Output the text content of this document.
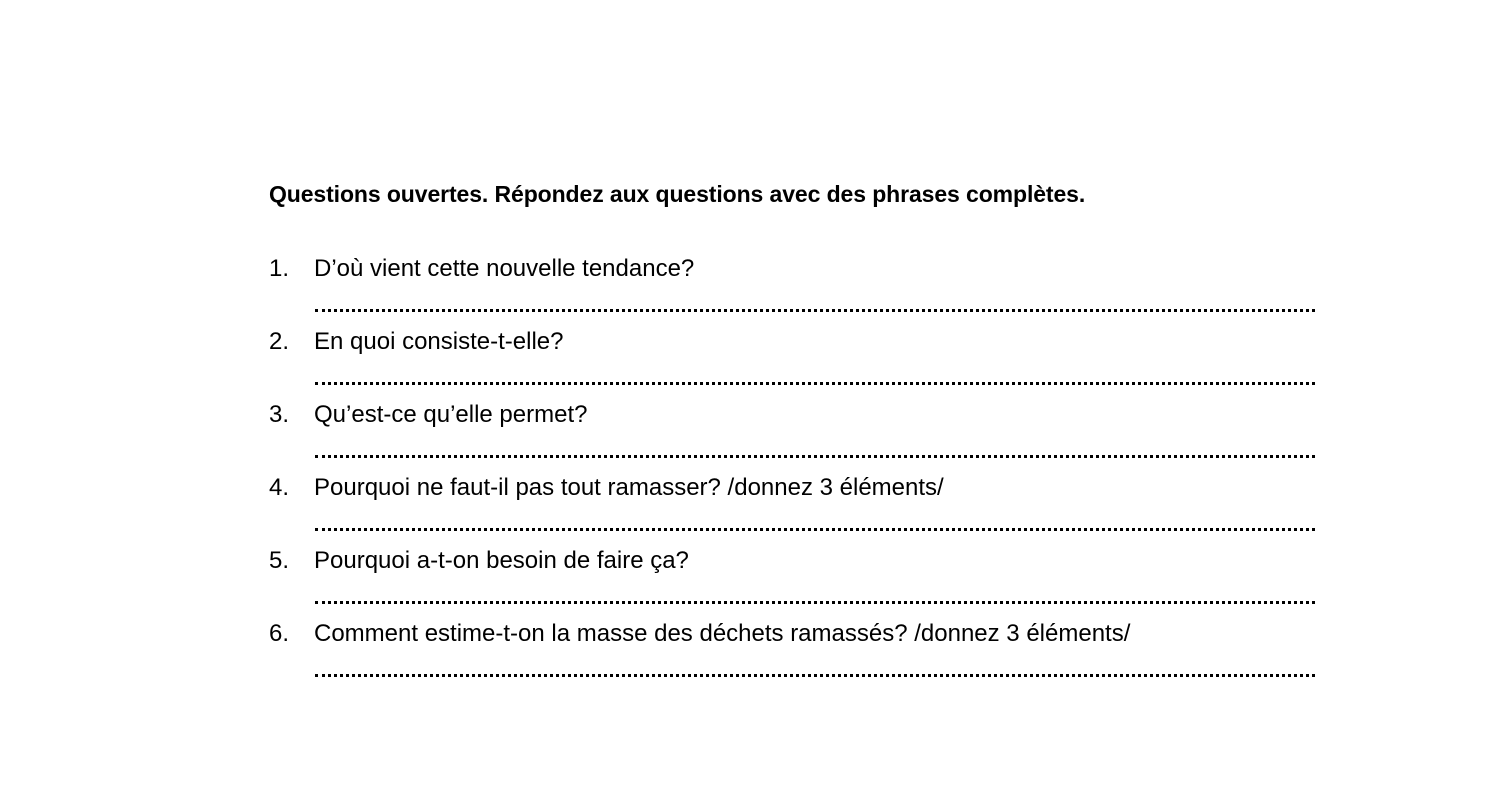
Questions ouvertes. Répondez aux questions avec des phrases complètes.
1. D’où vient cette nouvelle tendance?
2. En quoi consiste-t-elle?
3. Qu’est-ce qu’elle permet?
4. Pourquoi ne faut-il pas tout ramasser? /donnez 3 éléments/
5. Pourquoi a-t-on besoin de faire ça?
6. Comment estime-t-on la masse des déchets ramassés? /donnez 3 éléments/
